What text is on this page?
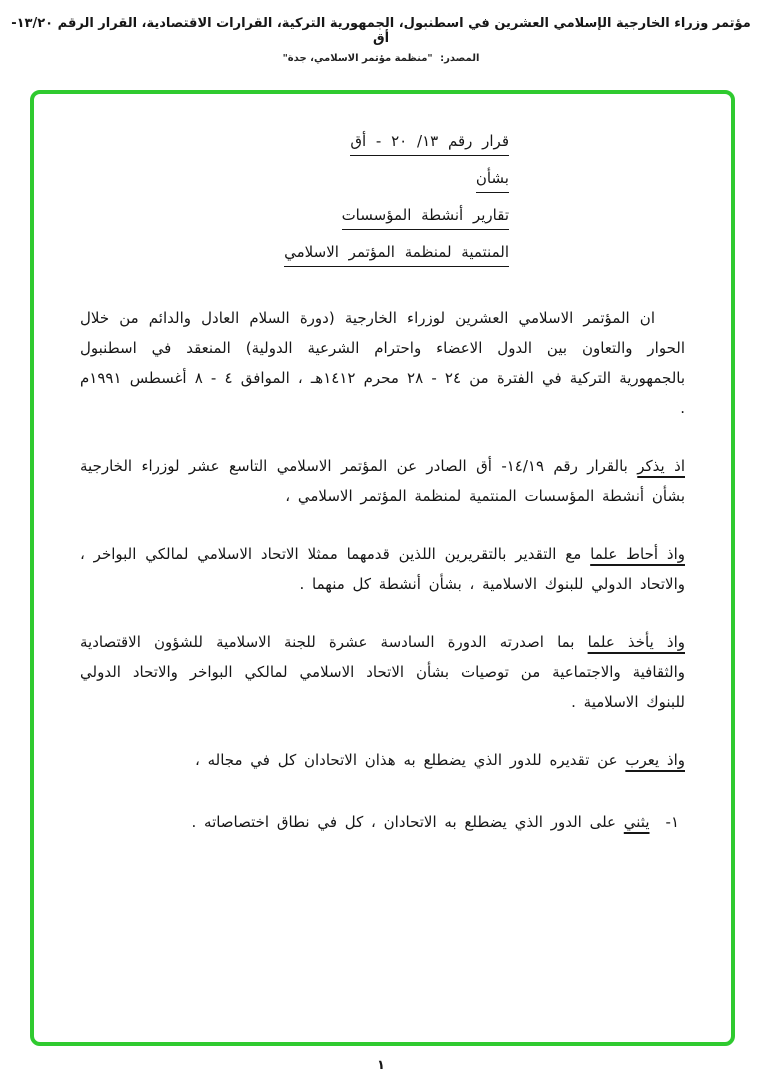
مؤتمر وزراء الخارجية الإسلامي العشرين في اسطنبول، الجمهورية التركية، القرارات الاقتصادية، القرار الرقم ١٣/٢٠-أق
المصدر: "منظمة مؤتمر الاسلامي، جدة"
قرار رقم ١٣/ ٢٠ - أق
بشأن
تقارير أنشطة المؤسسات
المنتمية لمنظمة المؤتمر الاسلامي

ان المؤتمر الاسلامي العشرين لوزراء الخارجية (دورة السلام العادل والدائم من خلال الحوار والتعاون بين الدول الاعضاء واحترام الشرعية الدولية) المنعقد في اسطنبول بالجمهورية التركية في الفترة من ٢٤ - ٢٨ محرم ١٤١٢هـ ، الموافق ٤ - ٨ أغسطس ١٩٩١م .

اذ يذكر بالقرار رقم ١٤/١٩- أق الصادر عن المؤتمر الاسلامي التاسع عشر لوزراء الخارجية بشأن أنشطة المؤسسات المنتمية لمنظمة المؤتمر الاسلامي ،

واذ أحاط علما مع التقدير بالتقريرين اللذين قدمهما ممثلا الاتحاد الاسلامي لمالكي البواخر ، والاتحاد الدولي للبنوك الاسلامية ، بشأن أنشطة كل منهما .

واذ يأخذ علما بما اصدرته الدورة السادسة عشرة للجنة الاسلامية للشؤون الاقتصادية والثقافية والاجتماعية من توصيات بشأن الاتحاد الاسلامي لمالكي البواخر والاتحاد الدولي للبنوك الاسلامية .

واذ يعرب عن تقديره للدور الذي يضطلع به هذان الاتحادان كل في مجاله ،

١-
يثني على الدور الذي يضطلع به الاتحادان ، كل في نطاق اختصاصاته .
١
